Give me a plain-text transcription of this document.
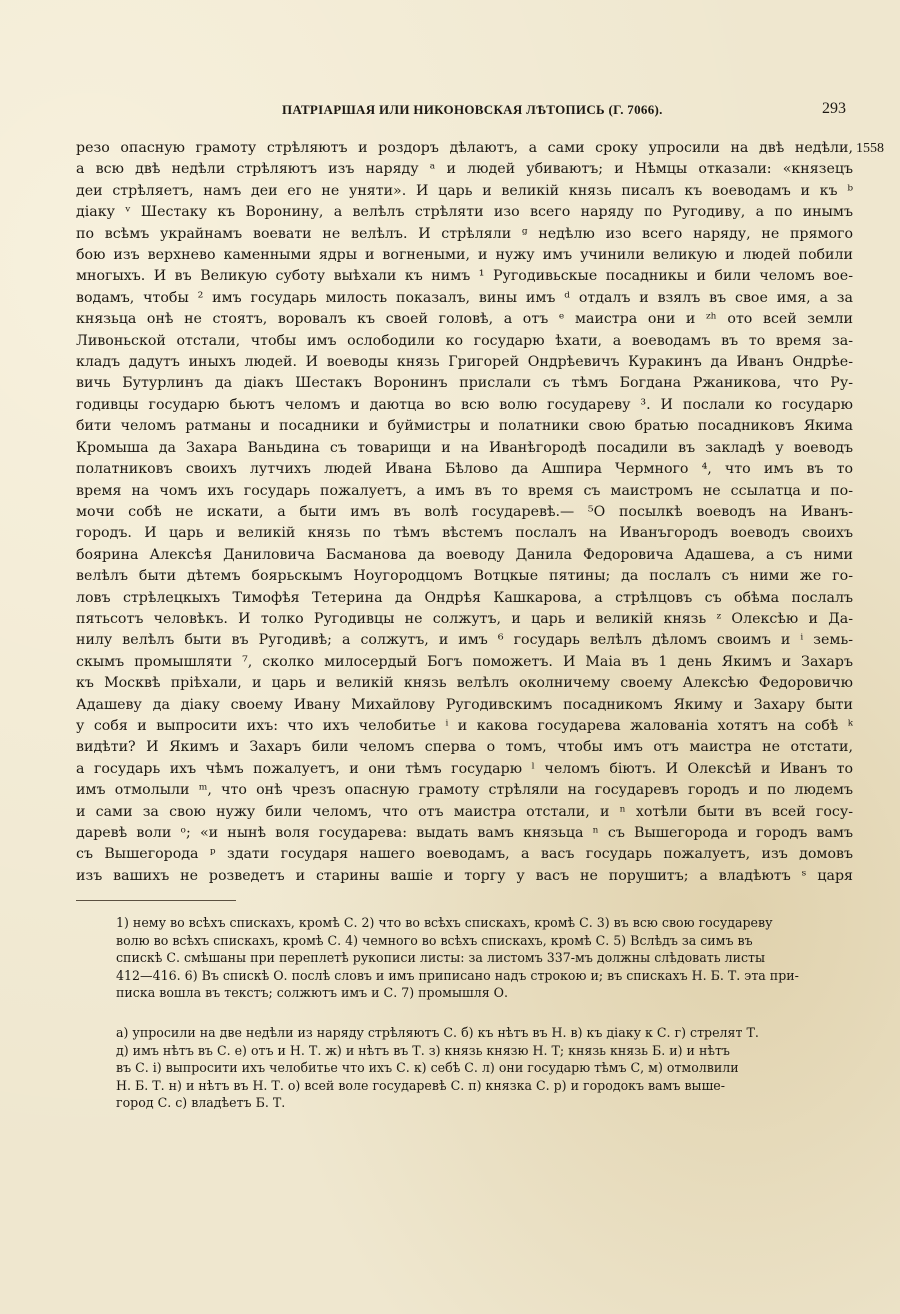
ПАТРІАРШАЯ ИЛИ НИКОНОВСКАЯ ЛѢТОПИСЬ (Г. 7066).	293
1558
резо опасную грамоту стрѣляютъ и роздоръ дѣлаютъ, а сами сроку упросили на двѣ недѣли,
а всю двѣ недѣли стрѣляютъ изъ наряду ᵃ и людей убиваютъ; и Нѣмцы отказали: «князецъ
деи стрѣляетъ, намъ деи его не уняти». И царь и великій князь писалъ къ воеводамъ и къ ᵇ
діаку ᵛ Шестаку къ Воронину, а велѣлъ стрѣляти изо всего наряду по Ругодиву, а по инымъ
по всѣмъ украйнамъ воевати не велѣлъ. И стрѣляли ᵍ недѣлю изо всего наряду, не прямого
бою изъ верхнево каменными ядры и вогнеными, и нужу имъ учинили великую и людей побили
многыхъ. И въ Великую суботу выѣхали къ нимъ ¹ Ругодивьскые посадникы и били челомъ вое-
водамъ, чтобы ² имъ государь милость показалъ, вины имъ ᵈ отдалъ и взялъ въ свое имя, а за
князьца онѣ не стоятъ, воровалъ къ своей головѣ, а отъ ᵉ маистра они и ᶻʰ ото всей земли
Ливоньской отстали, чтобы имъ ослободили ко государю ѣхати, а воеводамъ въ то время за-
кладъ дадутъ иныхъ людей. И воеводы князь Григорей Ондрѣевичъ Куракинъ да Иванъ Ондрѣе-
вичь Бутурлинъ да діакъ Шестакъ Воронинъ прислали съ тѣмъ Богдана Ржаникова, что Ру-
годивцы государю бьютъ челомъ и даютца во всю волю государеву ³. И послали ко государю
бити челомъ ратманы и посадники и буймистры и полатники свою братью посадниковъ Якима
Кромыша да Захара Ваньдина съ товарищи и на Иванѣгородѣ посадили въ закладѣ у воеводъ
полатниковъ своихъ лутчихъ людей Ивана Бѣлово да Ашпира Чермного ⁴, что имъ въ то
время на чомъ ихъ государь пожалуетъ, а имъ въ то время съ маистромъ не ссылатца и по-
мочи собѣ не искати, а быти имъ въ волѣ государевѣ.— ⁵О посылкѣ воеводъ на Иванъ-
городъ. И царь и великій князь по тѣмъ вѣстемъ послалъ на Иванъгородъ воеводъ своихъ
боярина Алексѣя Даниловича Басманова да воеводу Данила Федоровича Адашева, а съ ними
велѣлъ быти дѣтемъ боярьскымъ Ноугородцомъ Вотцкые пятины; да послалъ съ ними же го-
ловъ стрѣлецкыхъ Тимофѣя Тетерина да Ондрѣя Кашкарова, а стрѣлцовъ съ обѣма послалъ
пятьсотъ человѣкъ. И толко Ругодивцы не солжутъ, и царь и великій князь ᶻ Олексѣю и Да-
нилу велѣлъ быти въ Ругодивѣ; а солжутъ, и имъ ⁶ государь велѣлъ дѣломъ своимъ и ⁱ земь-
скымъ промышляти ⁷, сколко милосердый Богъ поможетъ. И Маіа въ 1 день Якимъ и Захаръ
къ Москвѣ пріѣхали, и царь и великій князь велѣлъ околничему своему Алексѣю Федоровичю
Адашеву да діаку своему Ивану Михайлову Ругодивскимъ посадникомъ Якиму и Захару быти
у собя и выпросити ихъ: что ихъ челобитье ⁱ и какова государева жалованіа хотятъ на собѣ ᵏ
видѣти? И Якимъ и Захаръ били челомъ сперва о томъ, чтобы имъ отъ маистра не отстати,
а государь ихъ чѣмъ пожалуетъ, и они тѣмъ государю ˡ челомъ біютъ. И Олексѣй и Иванъ то
имъ отмолыли ᵐ, что онѣ чрезъ опасную грамоту стрѣляли на государевъ городъ и по людемъ
и сами за свою нужу били челомъ, что отъ маистра отстали, и ⁿ хотѣли быти въ всей госу-
даревѣ воли ᵒ; «и нынѣ воля государева: выдать вамъ князьца ⁿ съ Вышегорода и городъ вамъ
съ Вышегорода ᵖ здати государя нашего воеводамъ, а васъ государь пожалуетъ, изъ домовъ
изъ вашихъ не розведетъ и старины вашіе и торгу у васъ не порушитъ; а владѣютъ ˢ царя
1) нему во всѣхъ спискахъ, кромѣ С. 2) что во всѣхъ спискахъ, кромѣ С. 3) въ всю свою государеву
волю во всѣхъ спискахъ, кромѣ С. 4) чемного во всѣхъ спискахъ, кромѣ С. 5) Вслѣдъ за симъ въ
спискѣ С. смѣшаны при переплетѣ рукописи листы: за листомъ 337-мъ должны слѣдовать листы
412—416. 6) Въ спискѣ О. послѣ словъ и имъ приписано надъ строкою и; въ спискахъ Н. Б. Т. эта при-
писка вошла въ текстъ; солжютъ имъ и С. 7) промышля О.
а) упросили на две недѣли из наряду стрѣляютъ С. б) къ нѣтъ въ Н. в) къ діаку к С. г) стрелят Т.
д) имъ нѣтъ въ С. е) отъ и Н. Т. ж) и нѣтъ въ Т. з) князь князю Н. Т; князь князь Б. и) и нѣтъ
въ С. і) выпросити ихъ челобитье что ихъ С. к) себѣ С. л) они государю тѣмъ С, м) отмолвили
Н. Б. Т. н) и нѣтъ въ Н. Т. о) всей воле государевѣ С. п) князка С. р) и городокъ вамъ выше-
город С. с) владѣетъ Б. Т.
